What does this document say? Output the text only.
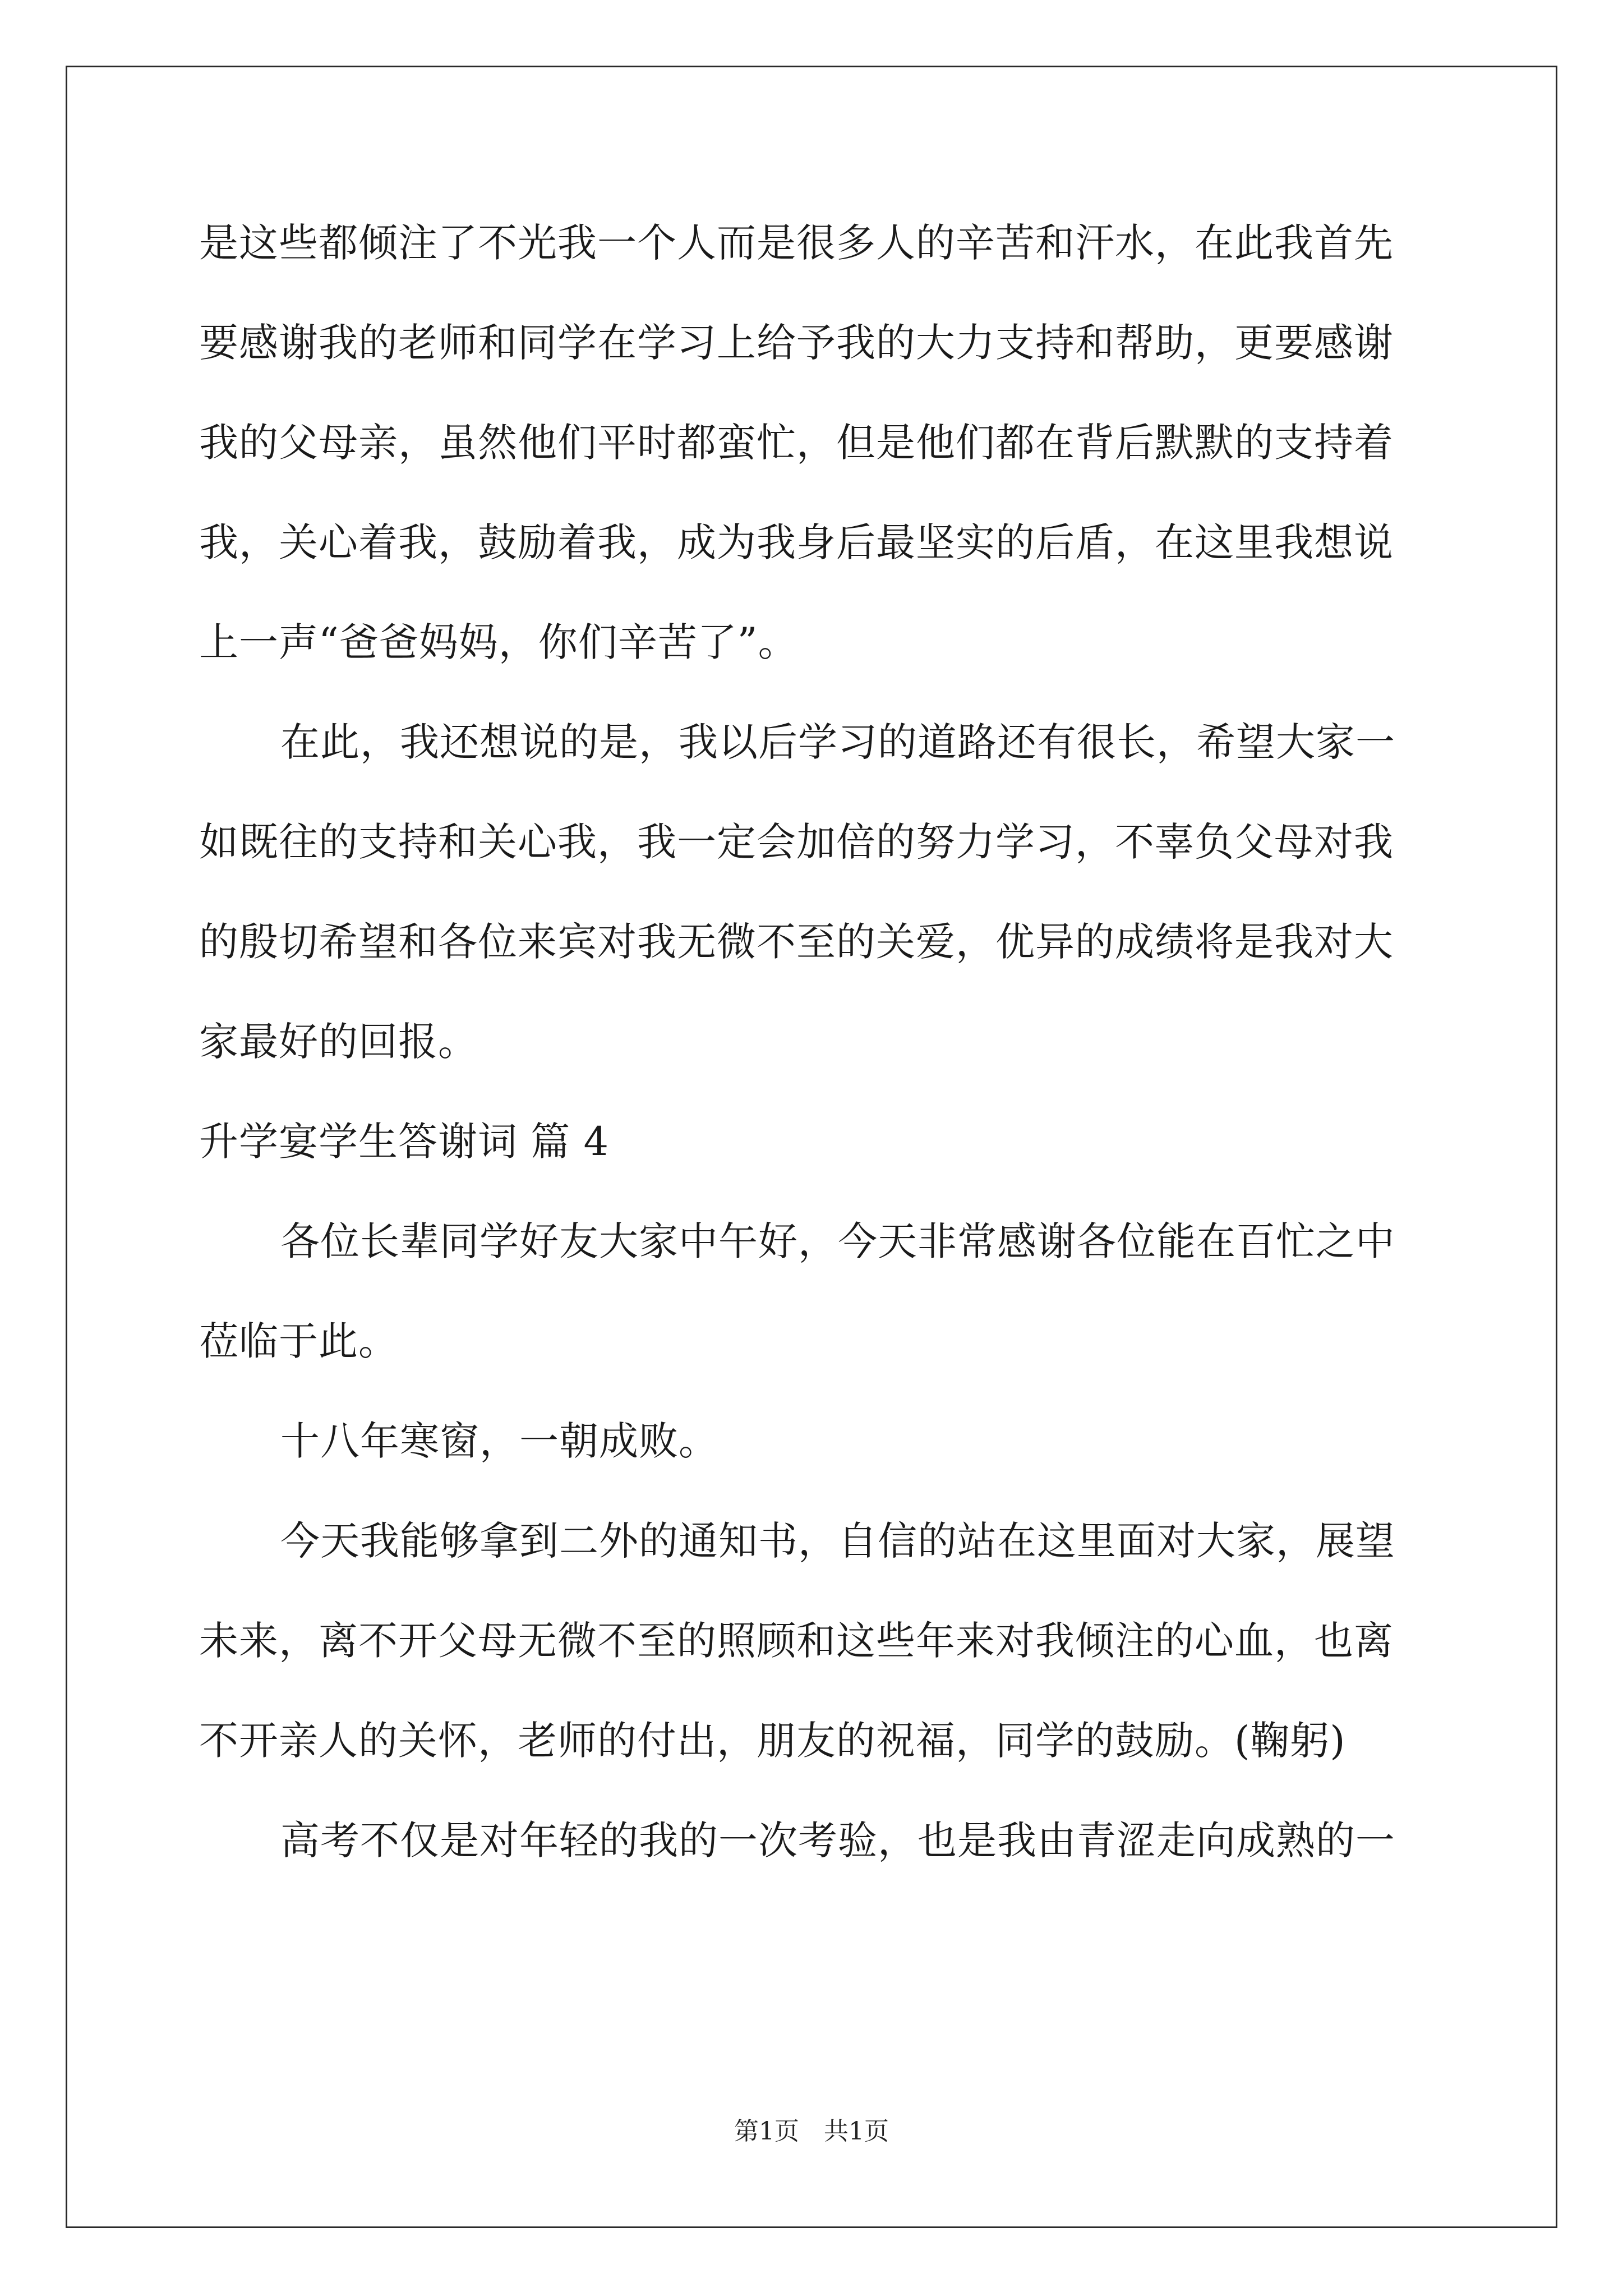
是这些都倾注了不光我一个人而是很多人的辛苦和汗水，在此我首先

要感谢我的老师和同学在学习上给予我的大力支持和帮助，更要感谢

我的父母亲，虽然他们平时都蛮忙，但是他们都在背后默默的支持着

我，关心着我，鼓励着我，成为我身后最坚实的后盾，在这里我想说

上一声“爸爸妈妈，你们辛苦了”。

在此，我还想说的是，我以后学习的道路还有很长，希望大家一

如既往的支持和关心我，我一定会加倍的努力学习，不辜负父母对我

的殷切希望和各位来宾对我无微不至的关爱，优异的成绩将是我对大

家最好的回报。

升学宴学生答谢词 篇 4

各位长辈同学好友大家中午好，今天非常感谢各位能在百忙之中

莅临于此。

十八年寒窗，一朝成败。

今天我能够拿到二外的通知书，自信的站在这里面对大家，展望

未来，离不开父母无微不至的照顾和这些年来对我倾注的心血，也离

不开亲人的关怀，老师的付出，朋友的祝福，同学的鼓励。(鞠躬)

高考不仅是对年轻的我的一次考验，也是我由青涩走向成熟的一

第1页　共1页
